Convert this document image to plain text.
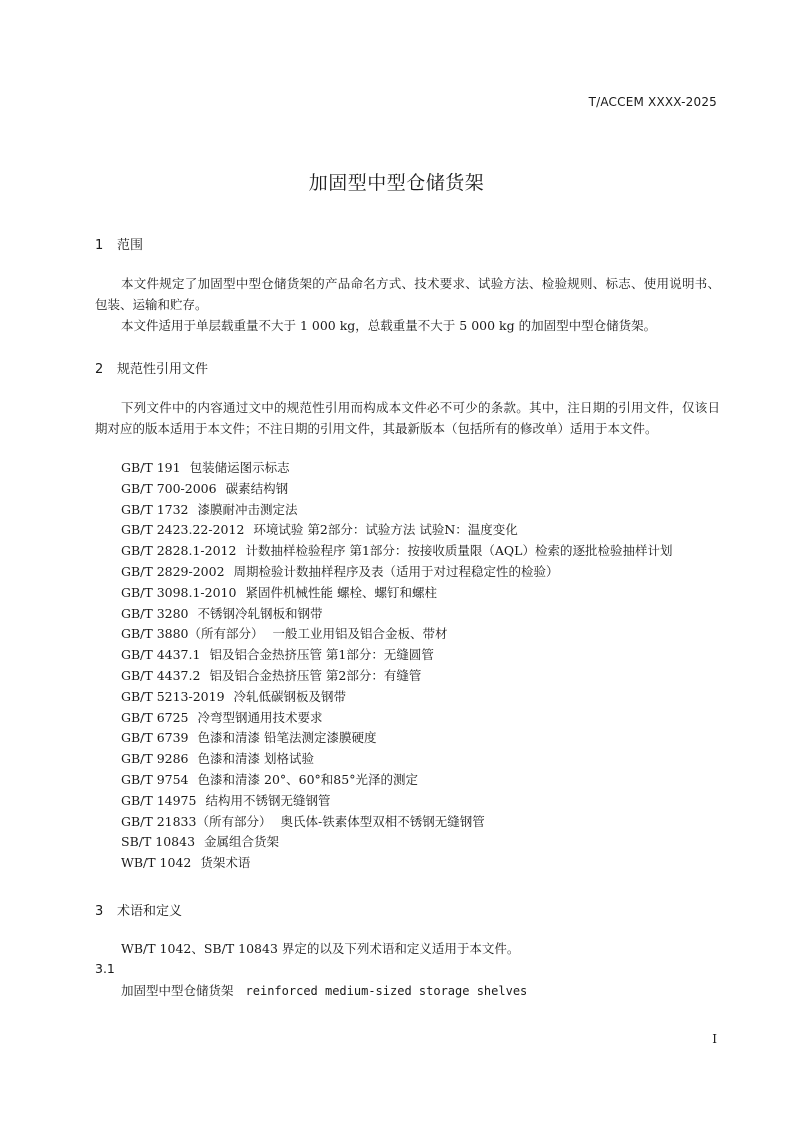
T/ACCEM XXXX-2025
加固型中型仓储货架
1 范围
本文件规定了加固型中型仓储货架的产品命名方式、技术要求、试验方法、检验规则、标志、使用说明书、包装、运输和贮存。
本文件适用于单层载重量不大于 1 000 kg，总载重量不大于 5 000 kg 的加固型中型仓储货架。
2 规范性引用文件
下列文件中的内容通过文中的规范性引用而构成本文件必不可少的条款。其中，注日期的引用文件，仅该日期对应的版本适用于本文件；不注日期的引用文件，其最新版本（包括所有的修改单）适用于本文件。
GB/T 191 包装储运图示标志
GB/T 700-2006 碳素结构钢
GB/T 1732 漆膜耐冲击测定法
GB/T 2423.22-2012 环境试验 第2部分：试验方法 试验N：温度变化
GB/T 2828.1-2012 计数抽样检验程序 第1部分：按接收质量限（AQL）检索的逐批检验抽样计划
GB/T 2829-2002 周期检验计数抽样程序及表（适用于对过程稳定性的检验）
GB/T 3098.1-2010 紧固件机械性能 螺栓、螺钉和螺柱
GB/T 3280 不锈钢冷轧钢板和钢带
GB/T 3880（所有部分） 一般工业用铝及铝合金板、带材
GB/T 4437.1 铝及铝合金热挤压管 第1部分：无缝圆管
GB/T 4437.2 铝及铝合金热挤压管 第2部分：有缝管
GB/T 5213-2019 冷轧低碳钢板及钢带
GB/T 6725 冷弯型钢通用技术要求
GB/T 6739 色漆和清漆 铅笔法测定漆膜硬度
GB/T 9286 色漆和清漆 划格试验
GB/T 9754 色漆和清漆 20°、60°和85°光泽的测定
GB/T 14975 结构用不锈钢无缝钢管
GB/T 21833（所有部分） 奥氏体-铁素体型双相不锈钢无缝钢管
SB/T 10843 金属组合货架
WB/T 1042 货架术语
3 术语和定义
WB/T 1042、SB/T 10843 界定的以及下列术语和定义适用于本文件。
3.1
加固型中型仓储货架 reinforced medium-sized storage shelves
I
